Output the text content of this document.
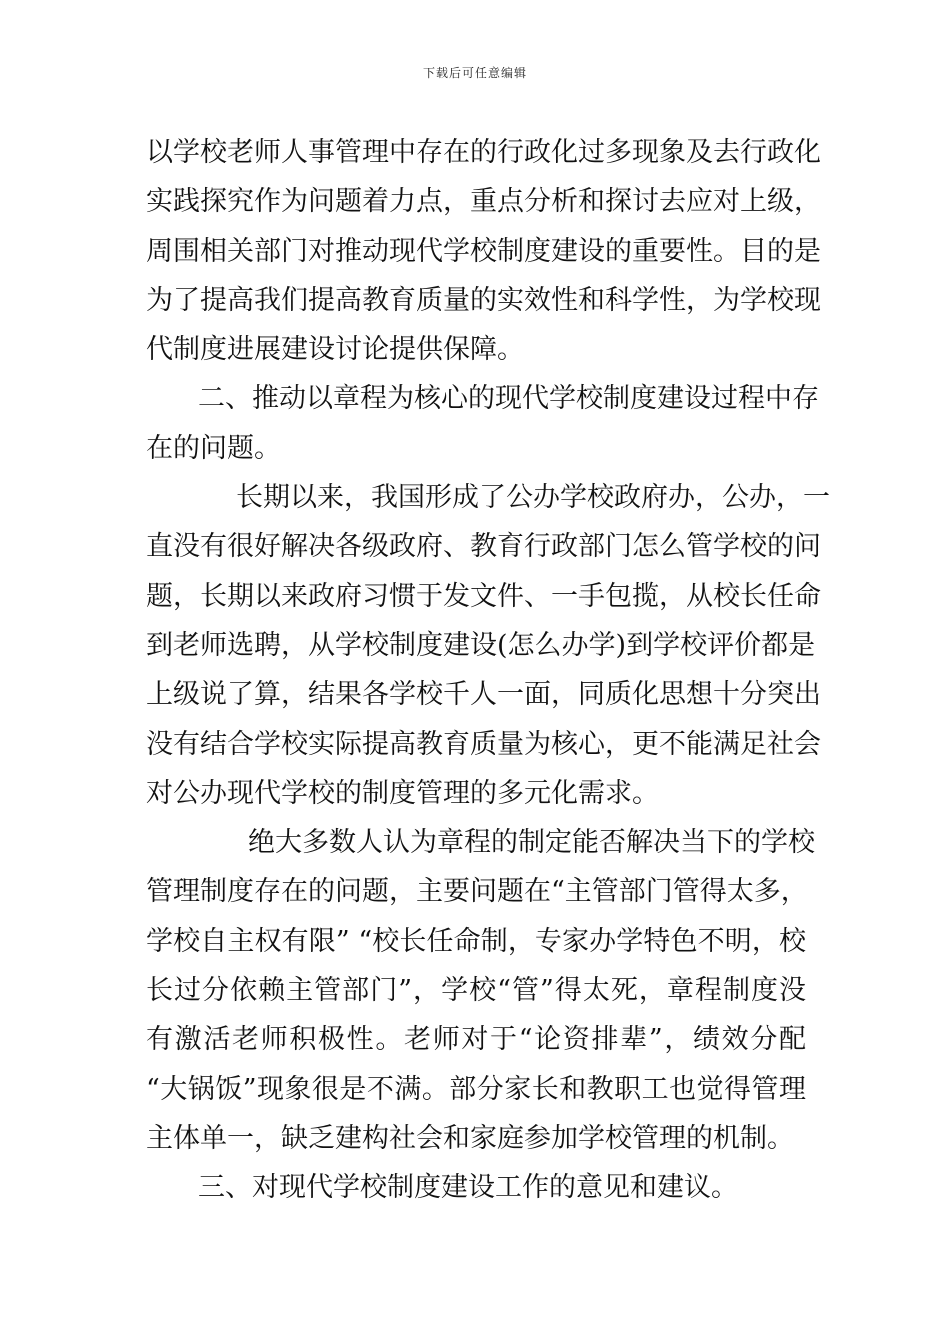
下载后可任意编辑
以学校老师人事管理中存在的行政化过多现象及去行政化
实践探究作为问题着力点，重点分析和探讨去应对上级，
周围相关部门对推动现代学校制度建设的重要性。目的是
为了提高我们提高教育质量的实效性和科学性，为学校现
代制度进展建设讨论提供保障。
二、推动以章程为核心的现代学校制度建设过程中存
在的问题。
长期以来，我国形成了公办学校政府办，公办，一
直没有很好解决各级政府、教育行政部门怎么管学校的问
题，长期以来政府习惯于发文件、一手包揽，从校长任命
到老师选聘，从学校制度建设(怎么办学)到学校评价都是
上级说了算，结果各学校千人一面，同质化思想十分突出
没有结合学校实际提高教育质量为核心，更不能满足社会
对公办现代学校的制度管理的多元化需求。
绝大多数人认为章程的制定能否解决当下的学校
管理制度存在的问题，主要问题在“主管部门管得太多，
学校自主权有限” “校长任命制，专家办学特色不明，校
长过分依赖主管部门”，学校“管”得太死，章程制度没
有激活老师积极性。老师对于“论资排辈”，绩效分配
“大锅饭”现象很是不满。部分家长和教职工也觉得管理
主体单一，缺乏建构社会和家庭参加学校管理的机制。
三、对现代学校制度建设工作的意见和建议。
